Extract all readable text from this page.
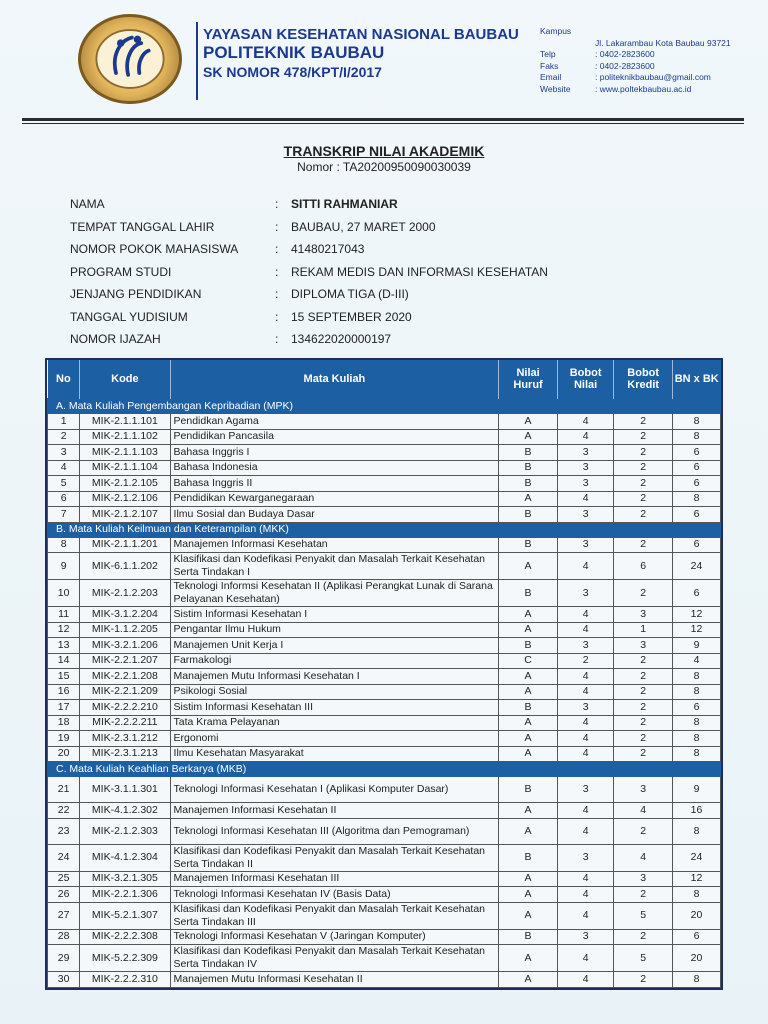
YAYASAN KESEHATAN NASIONAL BAUBAU
POLITEKNIK BAUBAU
SK NOMOR 478/KPT/I/2017
Kampus
Jl. Lakarambau Kota Baubau 93721
Telp	: 0402-2823600
Faks	: 0402-2823600
Email	: politeknikbaubau@gmail.com
Website	: www.poltekbaubau.ac.id
TRANSKRIP NILAI AKADEMIK
Nomor : TA20200950090030039
NAMA	:	SITTI RAHMANIAR
TEMPAT TANGGAL LAHIR	:	BAUBAU, 27 MARET 2000
NOMOR POKOK MAHASISWA	:	41480217043
PROGRAM STUDI	:	REKAM MEDIS DAN INFORMASI KESEHATAN
JENJANG PENDIDIKAN	:	DIPLOMA TIGA (D-III)
TANGGAL YUDISIUM	:	15 SEPTEMBER 2020
NOMOR IJAZAH	:	134622020000197
No	Kode	Mata Kuliah	Nilai Huruf	Bobot Nilai	Bobot Kredit	BN x BK
A. Mata Kuliah Pengembangan Kepribadian (MPK)						
1	MIK-2.1.1.101	Pendidkan Agama	A	4	2	8
2	MIK-2.1.1.102	Pendidikan Pancasila	A	4	2	8
3	MIK-2.1.1.103	Bahasa Inggris I	B	3	2	6
4	MIK-2.1.1.104	Bahasa Indonesia	B	3	2	6
5	MIK-2.1.2.105	Bahasa Inggris II	B	3	2	6
6	MIK-2.1.2.106	Pendidikan Kewarganegaraan	A	4	2	8
7	MIK-2.1.2.107	Ilmu Sosial dan Budaya Dasar	B	3	2	6
B. Mata Kuliah Keilmuan dan Keterampilan (MKK)						
8	MIK-2.1.1.201	Manajemen Informasi Kesehatan	B	3	2	6
9	MIK-6.1.1.202	Klasifikasi dan Kodefikasi Penyakit dan Masalah Terkait Kesehatan Serta Tindakan I	A	4	6	24
10	MIK-2.1.2.203	Teknologi Informsi Kesehatan II (Aplikasi Perangkat Lunak di Sarana Pelayanan Kesehatan)	B	3	2	6
11	MIK-3.1.2.204	Sistim Informasi Kesehatan I	A	4	3	12
12	MIK-1.1.2.205	Pengantar Ilmu Hukum	A	4	1	12
13	MIK-3.2.1.206	Manajemen Unit Kerja I	B	3	3	9
14	MIK-2.2.1.207	Farmakologi	C	2	2	4
15	MIK-2.2.1.208	Manajemen Mutu Informasi Kesehatan I	A	4	2	8
16	MIK-2.2.1.209	Psikologi Sosial	A	4	2	8
17	MIK-2.2.2.210	Sistim Informasi Kesehatan III	B	3	2	6
18	MIK-2.2.2.211	Tata Krama Pelayanan	A	4	2	8
19	MIK-2.3.1.212	Ergonomi	A	4	2	8
20	MIK-2.3.1.213	Ilmu Kesehatan Masyarakat	A	4	2	8
C. Mata Kuliah Keahlian Berkarya (MKB)						
21	MIK-3.1.1.301	Teknologi Informasi Kesehatan I (Aplikasi Komputer Dasar)	B	3	3	9
22	MIK-4.1.2.302	Manajemen Informasi Kesehatan II	A	4	4	16
23	MIK-2.1.2.303	Teknologi Informasi Kesehatan III (Algoritma dan Pemograman)	A	4	2	8
24	MIK-4.1.2.304	Klasifikasi dan Kodefikasi Penyakit dan Masalah Terkait Kesehatan Serta Tindakan II	B	3	4	24
25	MIK-3.2.1.305	Manajemen Informasi Kesehatan III	A	4	3	12
26	MIK-2.2.1.306	Teknologi Informasi Kesehatan IV (Basis Data)	A	4	2	8
27	MIK-5.2.1.307	Klasifikasi dan Kodefikasi Penyakit dan Masalah Terkait Kesehatan Serta Tindakan III	A	4	5	20
28	MIK-2.2.2.308	Teknologi Informasi Kesehatan V (Jaringan Komputer)	B	3	2	6
29	MIK-5.2.2.309	Klasifikasi dan Kodefikasi Penyakit dan Masalah Terkait Kesehatan Serta Tindakan IV	A	4	5	20
30	MIK-2.2.2.310	Manajemen Mutu Informasi Kesehatan II	A	4	2	8
